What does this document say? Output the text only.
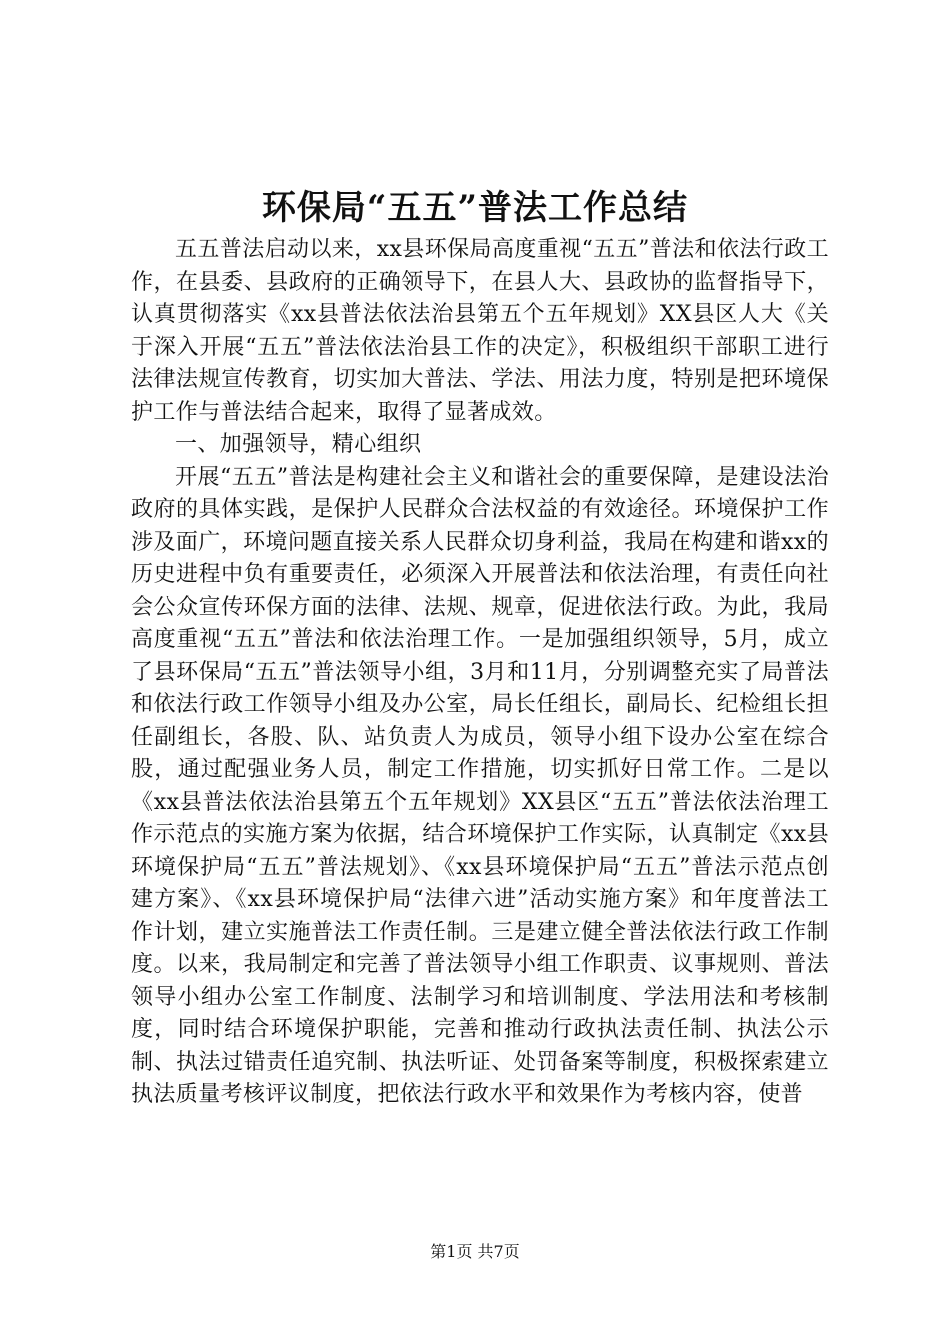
环保局“五五”普法工作总结

五五普法启动以来，xx县环保局高度重视“五五”普法和依法行政工作，在县委、县政府的正确领导下，在县人大、县政协的监督指导下，认真贯彻落实《xx县普法依法治县第五个五年规划》XX县区人大《关于深入开展“五五”普法依法治县工作的决定》，积极组织干部职工进行法律法规宣传教育，切实加大普法、学法、用法力度，特别是把环境保护工作与普法结合起来，取得了显著成效。

一、加强领导，精心组织

开展“五五”普法是构建社会主义和谐社会的重要保障，是建设法治政府的具体实践，是保护人民群众合法权益的有效途径。环境保护工作涉及面广，环境问题直接关系人民群众切身利益，我局在构建和谐xx的历史进程中负有重要责任，必须深入开展普法和依法治理，有责任向社会公众宣传环保方面的法律、法规、规章，促进依法行政。为此，我局高度重视“五五”普法和依法治理工作。一是加强组织领导，5月，成立了县环保局“五五”普法领导小组，3月和11月，分别调整充实了局普法和依法行政工作领导小组及办公室，局长任组长，副局长、纪检组长担任副组长，各股、队、站负责人为成员，领导小组下设办公室在综合股，通过配强业务人员，制定工作措施，切实抓好日常工作。二是以《xx县普法依法治县第五个五年规划》XX县区“五五”普法依法治理工作示范点的实施方案为依据，结合环境保护工作实际，认真制定《xx县环境保护局“五五”普法规划》、《xx县环境保护局“五五”普法示范点创建方案》、《xx县环境保护局“法律六进”活动实施方案》和年度普法工作计划，建立实施普法工作责任制。三是建立健全普法依法行政工作制度。以来，我局制定和完善了普法领导小组工作职责、议事规则、普法领导小组办公室工作制度、法制学习和培训制度、学法用法和考核制度，同时结合环境保护职能，完善和推动行政执法责任制、执法公示制、执法过错责任追究制、执法听证、处罚备案等制度，积极探索建立执法质量考核评议制度，把依法行政水平和效果作为考核内容，使普

第1页 共7页
